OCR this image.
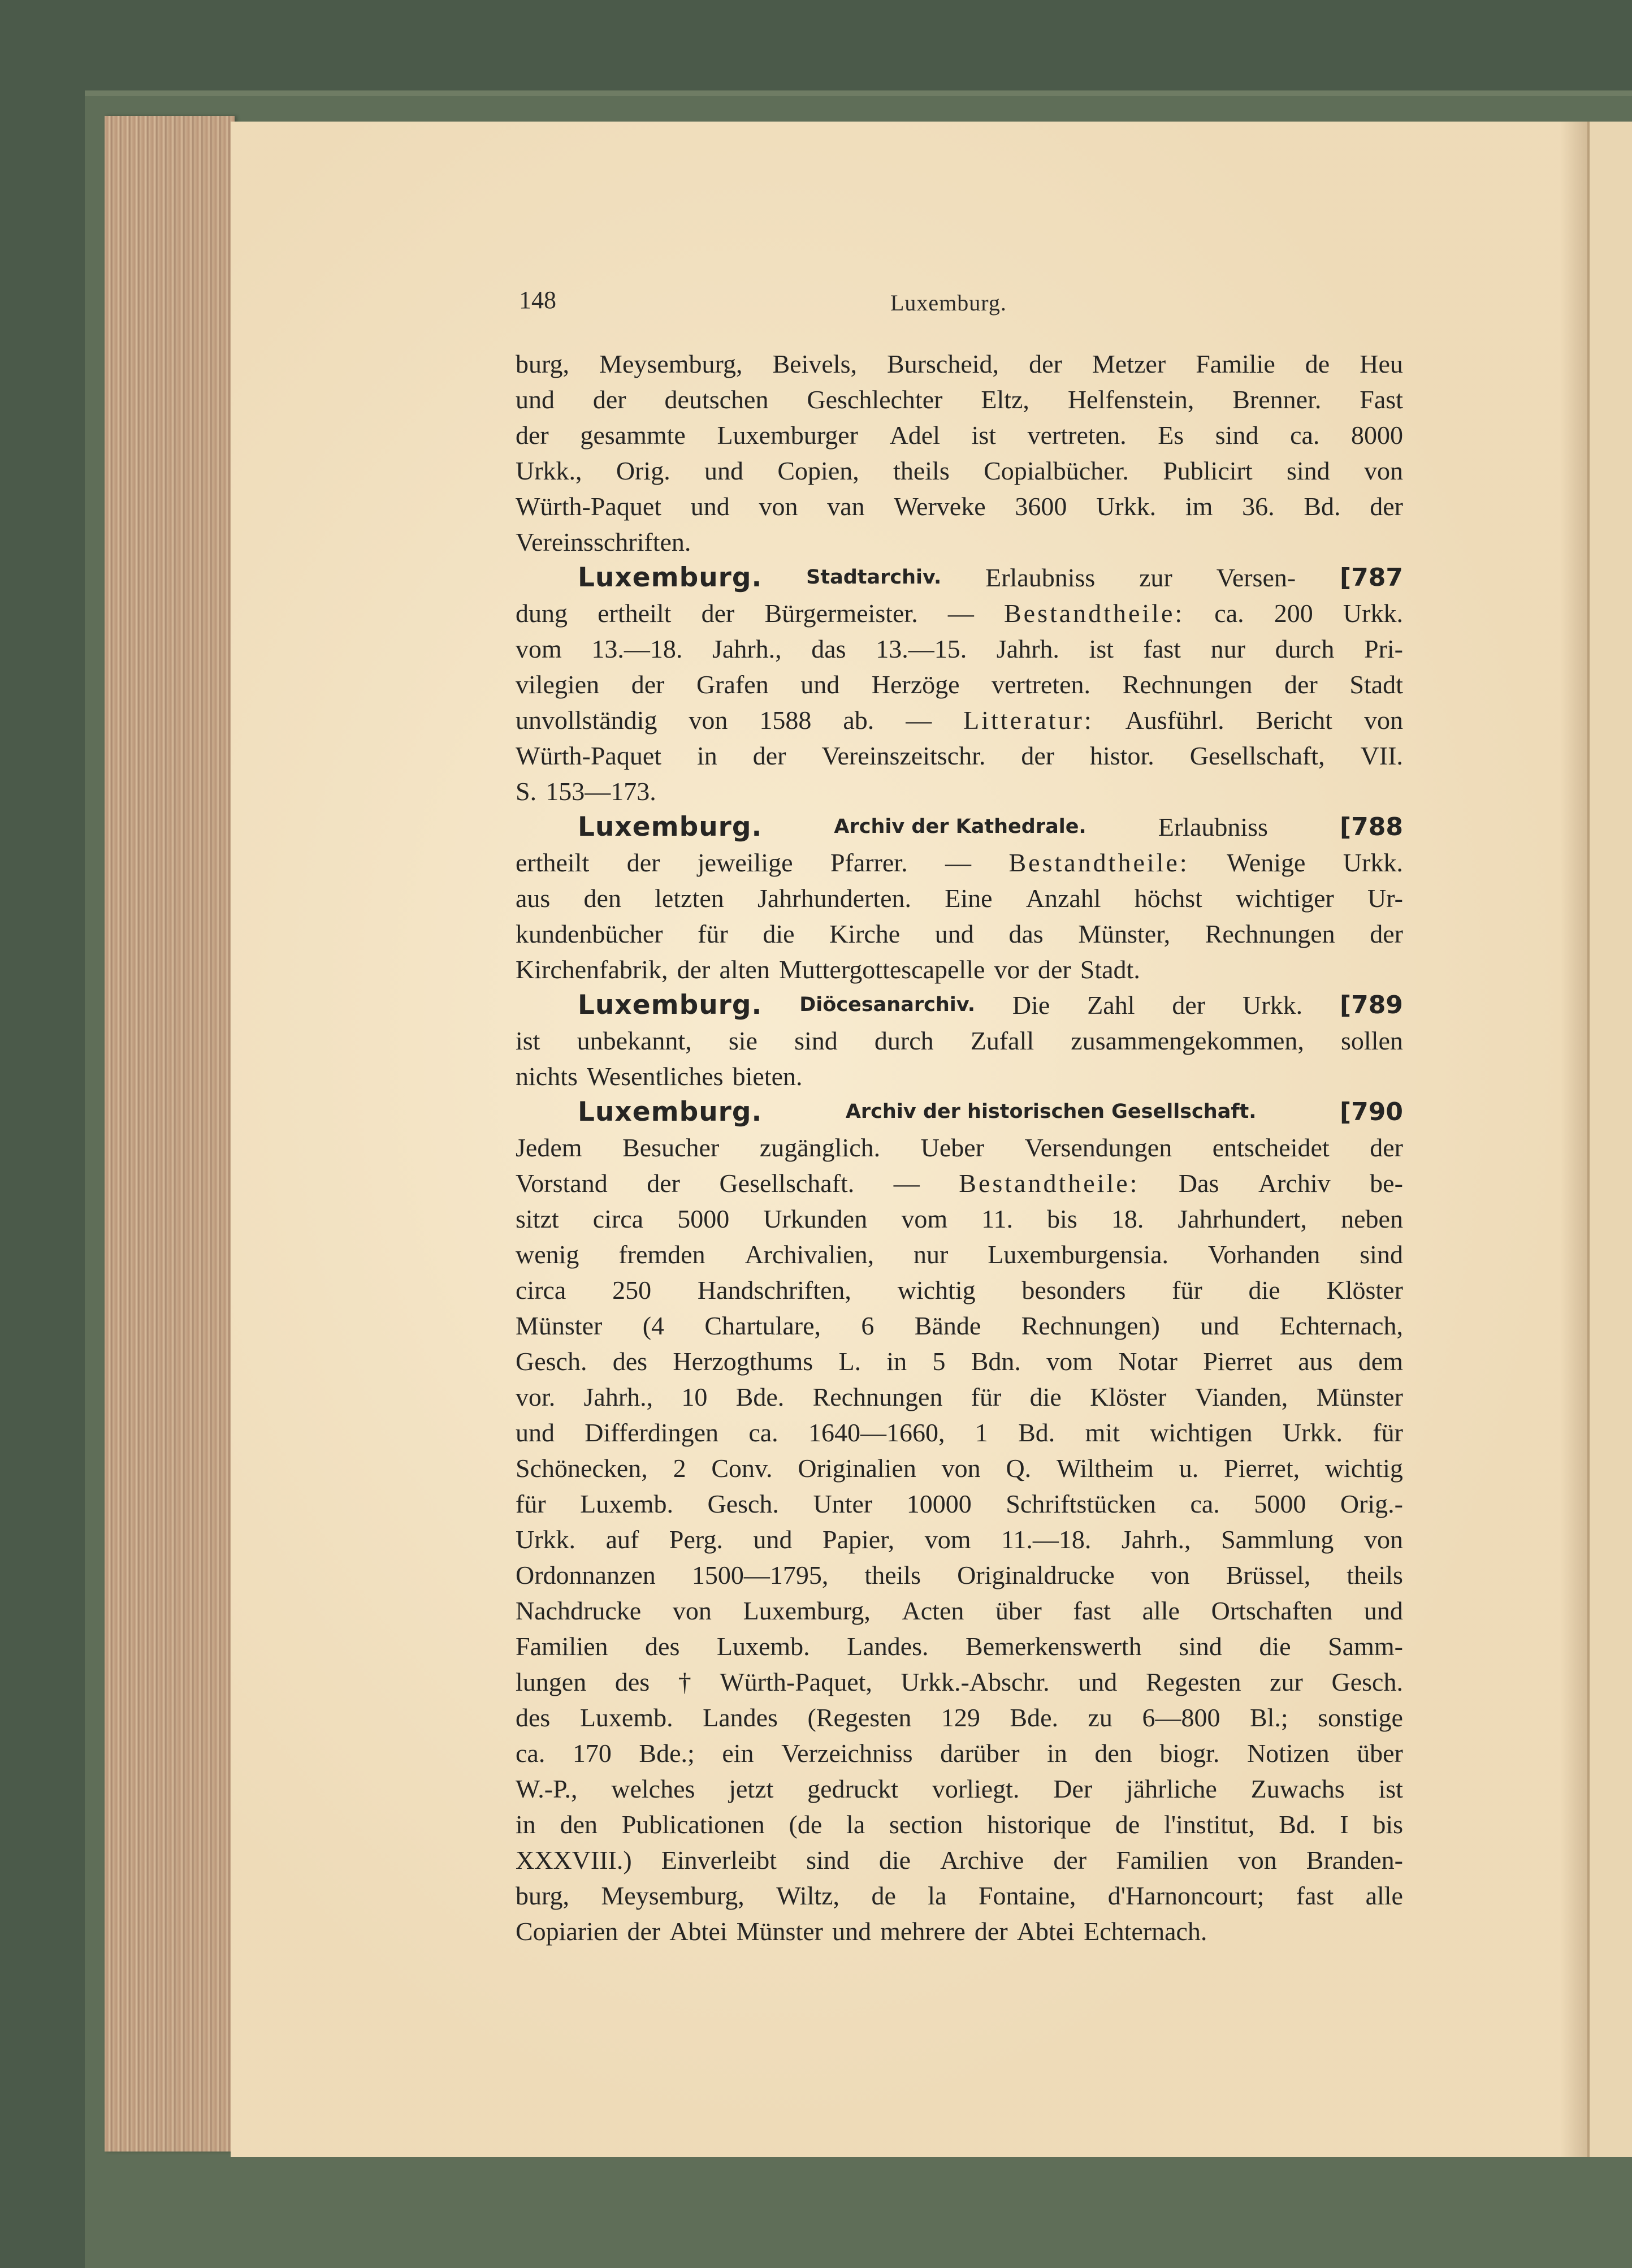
148	Luxemburg.
burg, Meysemburg, Beivels, Burscheid, der Metzer Familie de Heu
und der deutschen Geschlechter Eltz, Helfenstein, Brenner. Fast
der gesammte Luxemburger Adel ist vertreten. Es sind ca. 8000
Urkk., Orig. und Copien, theils Copialbücher. Publicirt sind von
Würth-Paquet und von van Werveke 3600 Urkk. im 36. Bd. der
Vereinsschriften.
Luxemburg. Stadtarchiv. Erlaubniss zur Versen- [787
dung ertheilt der Bürgermeister. — Bestandtheile: ca. 200 Urkk.
vom 13.—18. Jahrh., das 13.—15. Jahrh. ist fast nur durch Pri-
vilegien der Grafen und Herzöge vertreten. Rechnungen der Stadt
unvollständig von 1588 ab. — Litteratur: Ausführl. Bericht von
Würth-Paquet in der Vereinszeitschr. der histor. Gesellschaft, VII.
S. 153—173.
Luxemburg.	Archiv der Kathedrale.	Erlaubniss	[788
ertheilt der jeweilige Pfarrer. — Bestandtheile: Wenige Urkk.
aus den letzten Jahrhunderten. Eine Anzahl höchst wichtiger Ur-
kundenbücher für die Kirche und das Münster, Rechnungen der
Kirchenfabrik, der alten Muttergottescapelle vor der Stadt.
Luxemburg. Diöcesanarchiv. Die Zahl der Urkk. [789
ist unbekannt, sie sind durch Zufall zusammengekommen, sollen
nichts Wesentliches bieten.
Luxemburg.	Archiv der historischen Gesellschaft.	[790
Jedem Besucher zugänglich. Ueber Versendungen entscheidet der
Vorstand der Gesellschaft. — Bestandtheile: Das Archiv be-
sitzt circa 5000 Urkunden vom 11. bis 18. Jahrhundert, neben
wenig fremden Archivalien, nur Luxemburgensia. Vorhanden sind
circa 250 Handschriften, wichtig besonders für die Klöster
Münster (4 Chartulare, 6 Bände Rechnungen) und Echternach,
Gesch. des Herzogthums L. in 5 Bdn. vom Notar Pierret aus dem
vor. Jahrh., 10 Bde. Rechnungen für die Klöster Vianden, Münster
und Differdingen ca. 1640—1660, 1 Bd. mit wichtigen Urkk. für
Schönecken, 2 Conv. Originalien von Q. Wiltheim u. Pierret, wichtig
für Luxemb. Gesch. Unter 10000 Schriftstücken ca. 5000 Orig.-
Urkk. auf Perg. und Papier, vom 11.—18. Jahrh., Sammlung von
Ordonnanzen 1500—1795, theils Originaldrucke von Brüssel, theils
Nachdrucke von Luxemburg, Acten über fast alle Ortschaften und
Familien des Luxemb. Landes. Bemerkenswerth sind die Samm-
lungen des † Würth-Paquet, Urkk.-Abschr. und Regesten zur Gesch.
des Luxemb. Landes (Regesten 129 Bde. zu 6—800 Bl.; sonstige
ca. 170 Bde.; ein Verzeichniss darüber in den biogr. Notizen über
W.-P., welches jetzt gedruckt vorliegt. Der jährliche Zuwachs ist
in den Publicationen (de la section historique de l'institut, Bd. I bis
XXXVIII.) Einverleibt sind die Archive der Familien von Branden-
burg, Meysemburg, Wiltz, de la Fontaine, d'Harnoncourt; fast alle
Copiarien der Abtei Münster und mehrere der Abtei Echternach.
